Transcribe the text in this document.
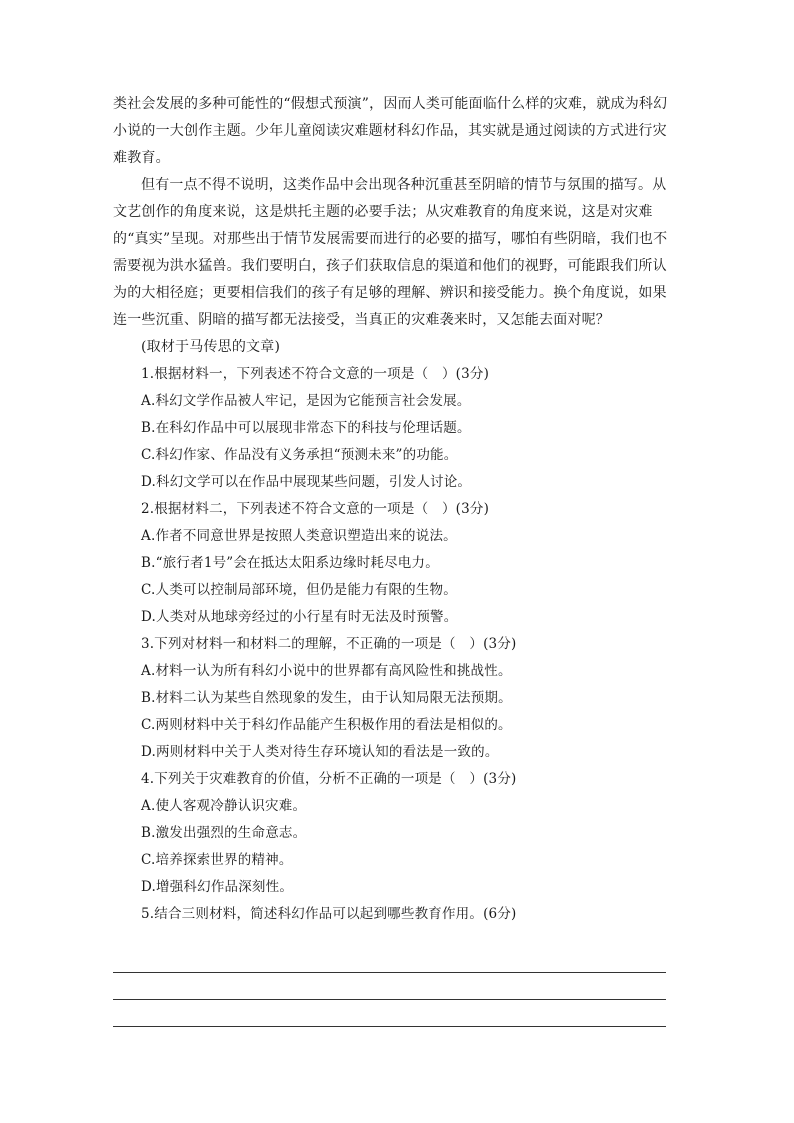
类社会发展的多种可能性的“假想式预演”，因而人类可能面临什么样的灾难，就成为科幻小说的一大创作主题。少年儿童阅读灾难题材科幻作品，其实就是通过阅读的方式进行灾难教育。

但有一点不得不说明，这类作品中会出现各种沉重甚至阴暗的情节与氛围的描写。从文艺创作的角度来说，这是烘托主题的必要手法；从灾难教育的角度来说，这是对灾难的“真实”呈现。对那些出于情节发展需要而进行的必要的描写，哪怕有些阴暗，我们也不需要视为洪水猛兽。我们要明白，孩子们获取信息的渠道和他们的视野，可能跟我们所认为的大相径庭；更要相信我们的孩子有足够的理解、辨识和接受能力。换个角度说，如果连一些沉重、阴暗的描写都无法接受，当真正的灾难袭来时，又怎能去面对呢？

(取材于马传思的文章)

1.根据材料一，下列表述不符合文意的一项是（　）(3分)

A.科幻文学作品被人牢记，是因为它能预言社会发展。

B.在科幻作品中可以展现非常态下的科技与伦理话题。

C.科幻作家、作品没有义务承担“预测未来”的功能。

D.科幻文学可以在作品中展现某些问题，引发人讨论。

2.根据材料二，下列表述不符合文意的一项是（　）(3分)

A.作者不同意世界是按照人类意识塑造出来的说法。

B.“旅行者1号”会在抵达太阳系边缘时耗尽电力。

C.人类可以控制局部环境，但仍是能力有限的生物。

D.人类对从地球旁经过的小行星有时无法及时预警。

3.下列对材料一和材料二的理解，不正确的一项是（　）(3分)

A.材料一认为所有科幻小说中的世界都有高风险性和挑战性。

B.材料二认为某些自然现象的发生，由于认知局限无法预期。

C.两则材料中关于科幻作品能产生积极作用的看法是相似的。

D.两则材料中关于人类对待生存环境认知的看法是一致的。

4.下列关于灾难教育的价值，分析不正确的一项是（　）(3分)

A.使人客观冷静认识灾难。

B.激发出强烈的生命意志。

C.培养探索世界的精神。

D.增强科幻作品深刻性。

5.结合三则材料，简述科幻作品可以起到哪些教育作用。(6分)
